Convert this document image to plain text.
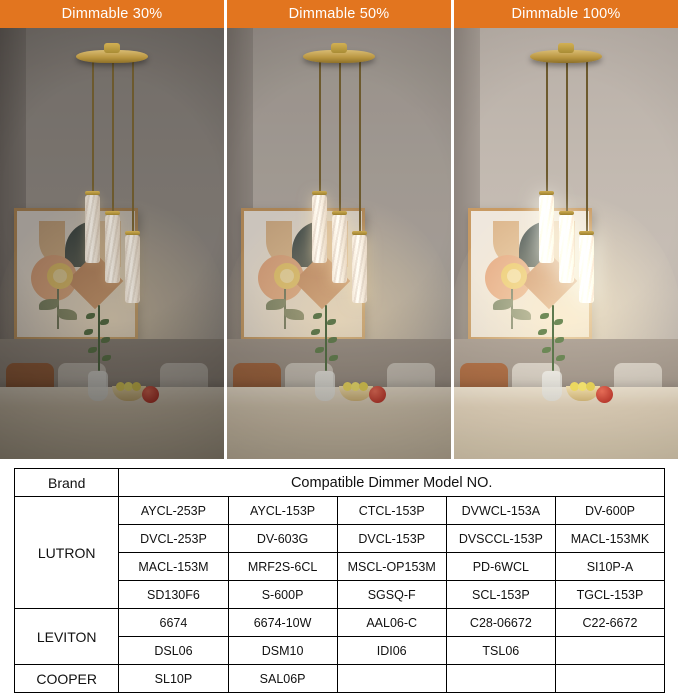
Dimmable 30%	Dimmable 50%	Dimmable 100%
Brand	Compatible Dimmer Model NO.				
LUTRON	AYCL-253P	AYCL-153P	CTCL-153P	DVWCL-153A	DV-600P
	DVCL-253P	DV-603G	DVCL-153P	DVSCCL-153P	MACL-153MK
	MACL-153M	MRF2S-6CL	MSCL-OP153M	PD-6WCL	SI10P-A
	SD130F6	S-600P	SGSQ-F	SCL-153P	TGCL-153P
LEVITON	6674	6674-10W	AAL06-C	C28-06672	C22-6672
	DSL06	DSM10	IDI06	TSL06	
COOPER	SL10P	SAL06P			
